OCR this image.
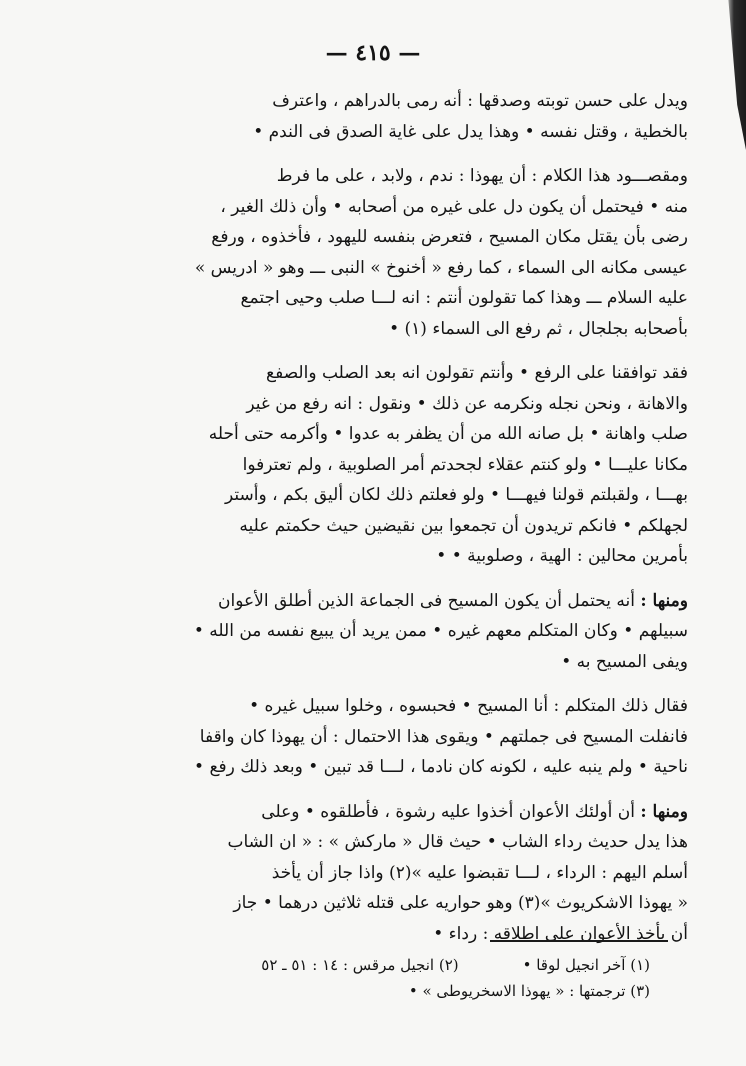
— ٤١٥ —

ويدل على حسن توبته وصدقها : أنه رمى بالدراهم ، واعترف
بالخطية ، وقتل نفسه • وهذا يدل على غاية الصدق فى الندم •

ومقصـــود هذا الكلام : أن يهوذا : ندم ، ولابد ، على ما فرط
منه • فيحتمل أن يكون دل على غيره من أصحابه • وأن ذلك الغير ،
رضى بأن يقتل مكان المسيح ، فتعرض بنفسه لليهود ، فأخذوه ، ورفع
عيسى مكانه الى السماء ، كما رفع « أخنوخ » النبى ـــ وهو « ادريس »
عليه السلام ـــ وهذا كما تقولون أنتم : انه لـــا صلب وحيى اجتمع
بأصحابه بجلجال ، ثم رفع الى السماء (١) •

فقد توافقنا على الرفع • وأنتم تقولون انه بعد الصلب والصفع
والاهانة ، ونحن نجله ونكرمه عن ذلك • ونقول : انه رفع من غير
صلب واهانة • بل صانه الله من أن يظفر به عدوا • وأكرمه حتى أحله
مكانا عليـــا • ولو كنتم عقلاء لجحدتم أمر الصلوبية ، ولم تعترفوا
بهـــا ، ولقبلتم قولنا فيهـــا • ولو فعلتم ذلك لكان أليق بكم ، وأستر
لجهلكم • فانكم تريدون أن تجمعوا بين نقيضين حيث حكمتم عليه
بأمرين محالين : الهية ، وصلوبية • •

ومنها : أنه يحتمل أن يكون المسيح فى الجماعة الذين أطلق الأعوان
سبيلهم • وكان المتكلم معهم غيره • ممن يريد أن يبيع نفسه من الله •
ويفى المسيح به •

فقال ذلك المتكلم : أنا المسيح • فحبسوه ، وخلوا سبيل غيره •
فانفلت المسيح فى جملتهم • ويقوى هذا الاحتمال : أن يهوذا كان واقفا
ناحية • ولم ينبه عليه ، لكونه كان نادما ، لـــا قد تبين • وبعد ذلك رفع •

ومنها : أن أولئك الأعوان أخذوا عليه رشوة ، فأطلقوه • وعلى
هذا يدل حديث رداء الشاب • حيث قال « ماركش » : « ان الشاب
أسلم اليهم : الرداء ، لـــا تقبضوا عليه »(٢) واذا جاز أن يأخذ
« يهوذا الاشكريوث »(٣) وهو حواريه على قتله ثلاثين درهما • جاز
أن يأخذ الأعوان على اطلاقه : رداء •

(١) آخر انجيل لوقا •
(٢) انجيل مرقس : ١٤ : ٥١ ـ ٥٢
(٣) ترجمتها : « يهوذا الاسخريوطى » •
